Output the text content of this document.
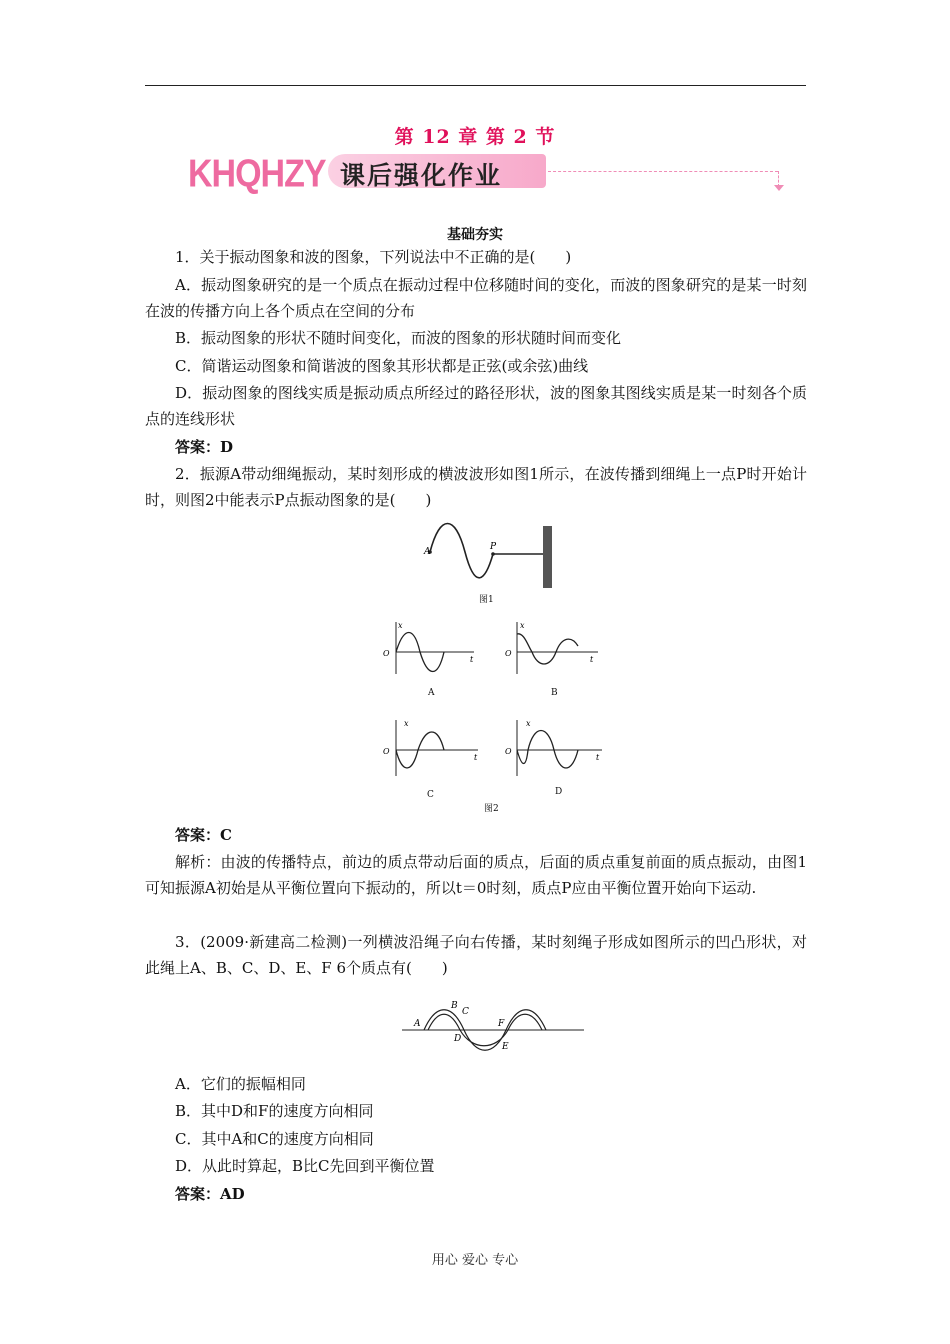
第 12 章 第 2 节
KHQHZY 课后强化作业
基础夯实
1．关于振动图象和波的图象，下列说法中不正确的是(　　)
A．振动图象研究的是一个质点在振动过程中位移随时间的变化，而波的图象研究的是某一时刻在波的传播方向上各个质点在空间的分布
B．振动图象的形状不随时间变化，而波的图象的形状随时间而变化
C．简谐运动图象和简谐波的图象其形状都是正弦(或余弦)曲线
D．振动图象的图线实质是振动质点所经过的路径形状，波的图象其图线实质是某一时刻各个质点的连线形状
答案：D
2．振源A带动细绳振动，某时刻形成的横波波形如图1所示，在波传播到细绳上一点P时开始计时，则图2中能表示P点振动图象的是(　　)
A	P
图1
x
t
O
A
x
t
O
B
x
t
O
C
x
t
O
D
图2
答案：C
解析：由波的传播特点，前边的质点带动后面的质点，后面的质点重复前面的质点振动，由图1可知振源A初始是从平衡位置向下振动的，所以t＝0时刻，质点P应由平衡位置开始向下运动.
3．(2009·新建高二检测)一列横波沿绳子向右传播，某时刻绳子形成如图所示的凹凸形状，对此绳上A、B、C、D、E、F 6个质点有(　　)
A
B
C
D
E
F
A．它们的振幅相同
B．其中D和F的速度方向相同
C．其中A和C的速度方向相同
D．从此时算起，B比C先回到平衡位置
答案：AD
用心 爱心 专心
